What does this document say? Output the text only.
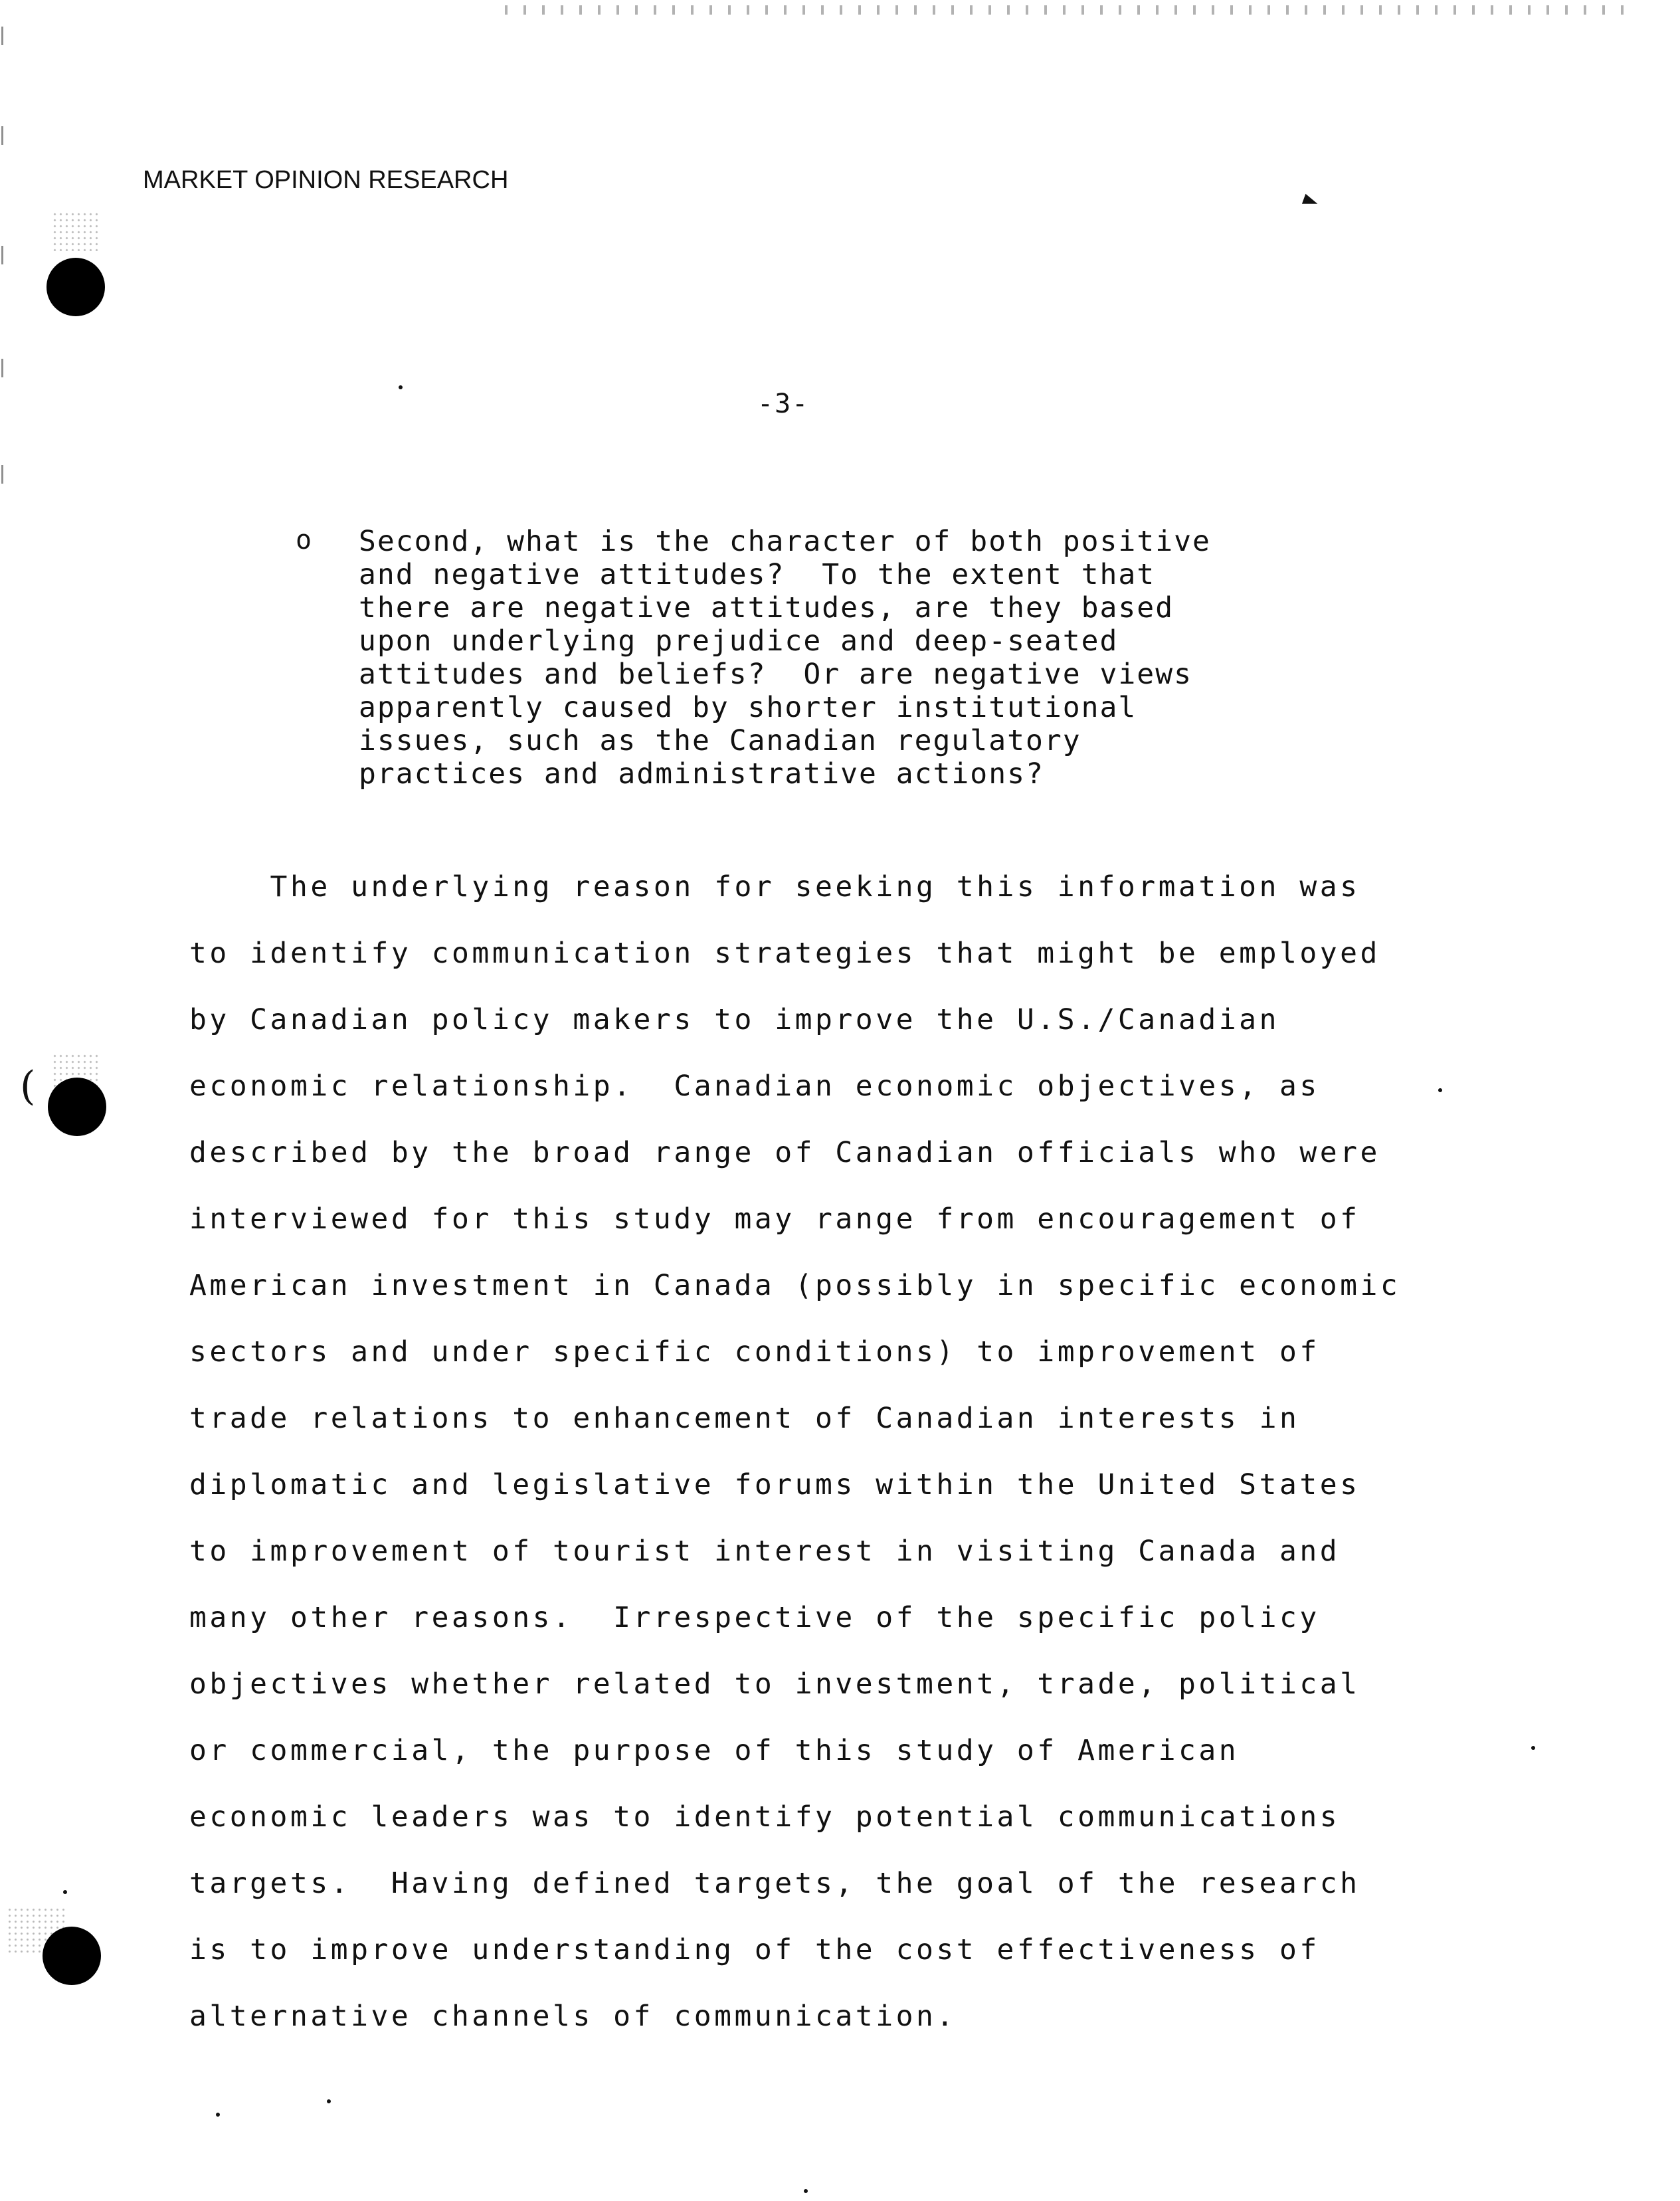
(
MARKET OPINION RESEARCH
-3-
o Second, what is the character of both positive
and negative attitudes?  To the extent that
there are negative attitudes, are they based
upon underlying prejudice and deep-seated
attitudes and beliefs?  Or are negative views
apparently caused by shorter institutional
issues, such as the Canadian regulatory
practices and administrative actions?
The underlying reason for seeking this information was
to identify communication strategies that might be employed
by Canadian policy makers to improve the U.S./Canadian
economic relationship.  Canadian economic objectives, as
described by the broad range of Canadian officials who were
interviewed for this study may range from encouragement of
American investment in Canada (possibly in specific economic
sectors and under specific conditions) to improvement of
trade relations to enhancement of Canadian interests in
diplomatic and legislative forums within the United States
to improvement of tourist interest in visiting Canada and
many other reasons.  Irrespective of the specific policy
objectives whether related to investment, trade, political
or commercial, the purpose of this study of American
economic leaders was to identify potential communications
targets.  Having defined targets, the goal of the research
is to improve understanding of the cost effectiveness of
alternative channels of communication.
